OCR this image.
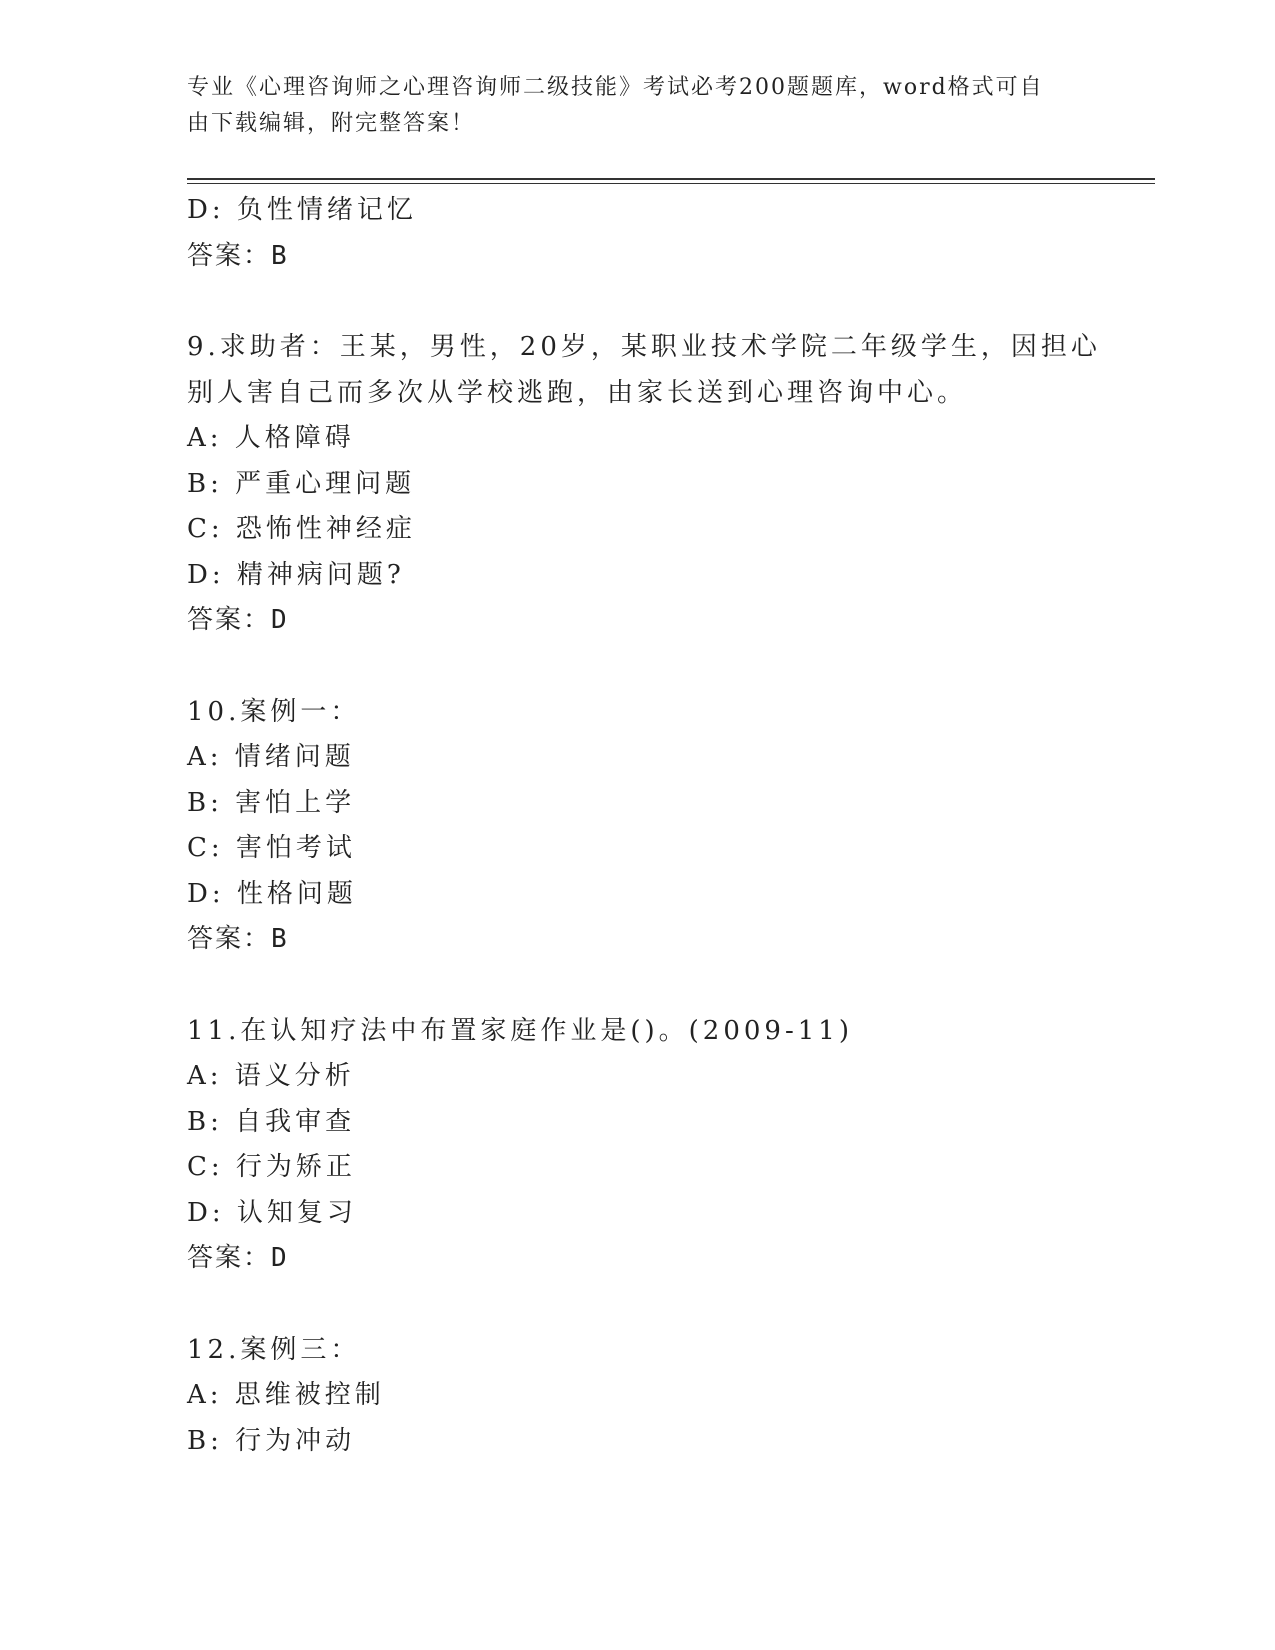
专业《心理咨询师之心理咨询师二级技能》考试必考200题题库，word格式可自
由下载编辑，附完整答案！
D: 负性情绪记忆
答案：B
9.求助者：王某，男性，20岁，某职业技术学院二年级学生，因担心
别人害自己而多次从学校逃跑，由家长送到心理咨询中心。
A: 人格障碍
B: 严重心理问题
C: 恐怖性神经症
D: 精神病问题?
答案：D
10.案例一：
A: 情绪问题
B: 害怕上学
C: 害怕考试
D: 性格问题
答案：B
11.在认知疗法中布置家庭作业是()。(2009-11)
A: 语义分析
B: 自我审查
C: 行为矫正
D: 认知复习
答案：D
12.案例三：
A: 思维被控制
B: 行为冲动
